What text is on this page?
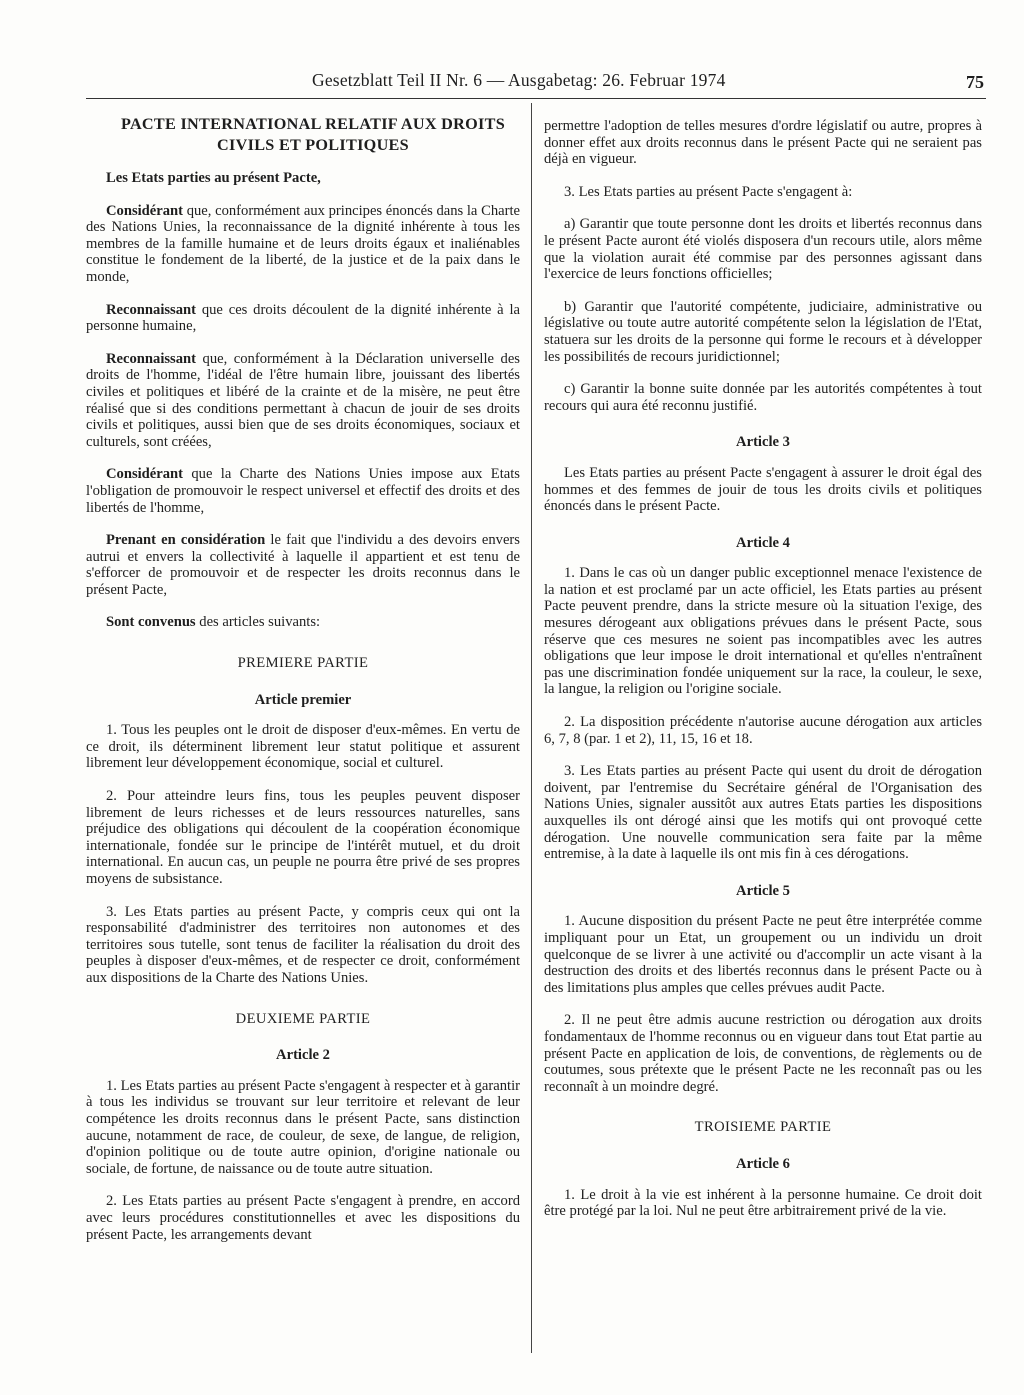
Gesetzblatt Teil II Nr. 6 — Ausgabetag: 26. Februar 1974	75
PACTE INTERNATIONAL RELATIF AUX DROITS
CIVILS ET POLITIQUES

Les Etats parties au présent Pacte,

Considérant que, conformément aux principes énoncés dans la Charte des Nations Unies, la reconnaissance de la dignité inhérente à tous les membres de la famille humaine et de leurs droits égaux et inaliénables constitue le fondement de la liberté, de la justice et de la paix dans le monde,

Reconnaissant que ces droits découlent de la dignité inhérente à la personne humaine,

Reconnaissant que, conformément à la Déclaration universelle des droits de l'homme, l'idéal de l'être humain libre, jouissant des libertés civiles et politiques et libéré de la crainte et de la misère, ne peut être réalisé que si des conditions permettant à chacun de jouir de ses droits civils et politiques, aussi bien que de ses droits économiques, sociaux et culturels, sont créées,

Considérant que la Charte des Nations Unies impose aux Etats l'obligation de promouvoir le respect universel et effectif des droits et des libertés de l'homme,

Prenant en considération le fait que l'individu a des devoirs envers autrui et envers la collectivité à laquelle il appartient et est tenu de s'efforcer de promouvoir et de respecter les droits reconnus dans le présent Pacte,

Sont convenus des articles suivants:

PREMIERE PARTIE
Article premier

1. Tous les peuples ont le droit de disposer d'eux-mêmes. En vertu de ce droit, ils déterminent librement leur statut politique et assurent librement leur développement économique, social et culturel.

2. Pour atteindre leurs fins, tous les peuples peuvent disposer librement de leurs richesses et de leurs ressources naturelles, sans préjudice des obligations qui découlent de la coopération économique internationale, fondée sur le principe de l'intérêt mutuel, et du droit international. En aucun cas, un peuple ne pourra être privé de ses propres moyens de subsistance.

3. Les Etats parties au présent Pacte, y compris ceux qui ont la responsabilité d'administrer des territoires non autonomes et des territoires sous tutelle, sont tenus de faciliter la réalisation du droit des peuples à disposer d'eux-mêmes, et de respecter ce droit, conformément aux dispositions de la Charte des Nations Unies.

DEUXIEME PARTIE
Article 2

1. Les Etats parties au présent Pacte s'engagent à respecter et à garantir à tous les individus se trouvant sur leur territoire et relevant de leur compétence les droits reconnus dans le présent Pacte, sans distinction aucune, notamment de race, de couleur, de sexe, de langue, de religion, d'opinion politique ou de toute autre opinion, d'origine nationale ou sociale, de fortune, de naissance ou de toute autre situation.

2. Les Etats parties au présent Pacte s'engagent à prendre, en accord avec leurs procédures constitutionnelles et avec les dispositions du présent Pacte, les arrangements devant

permettre l'adoption de telles mesures d'ordre législatif ou autre, propres à donner effet aux droits reconnus dans le présent Pacte qui ne seraient pas déjà en vigueur.

3. Les Etats parties au présent Pacte s'engagent à:

a) Garantir que toute personne dont les droits et libertés reconnus dans le présent Pacte auront été violés disposera d'un recours utile, alors même que la violation aurait été commise par des personnes agissant dans l'exercice de leurs fonctions officielles;

b) Garantir que l'autorité compétente, judiciaire, administrative ou législative ou toute autre autorité compétente selon la législation de l'Etat, statuera sur les droits de la personne qui forme le recours et à développer les possibilités de recours juridictionnel;

c) Garantir la bonne suite donnée par les autorités compétentes à tout recours qui aura été reconnu justifié.

Article 3

Les Etats parties au présent Pacte s'engagent à assurer le droit égal des hommes et des femmes de jouir de tous les droits civils et politiques énoncés dans le présent Pacte.

Article 4

1. Dans le cas où un danger public exceptionnel menace l'existence de la nation et est proclamé par un acte officiel, les Etats parties au présent Pacte peuvent prendre, dans la stricte mesure où la situation l'exige, des mesures dérogeant aux obligations prévues dans le présent Pacte, sous réserve que ces mesures ne soient pas incompatibles avec les autres obligations que leur impose le droit international et qu'elles n'entraînent pas une discrimination fondée uniquement sur la race, la couleur, le sexe, la langue, la religion ou l'origine sociale.

2. La disposition précédente n'autorise aucune dérogation aux articles 6, 7, 8 (par. 1 et 2), 11, 15, 16 et 18.

3. Les Etats parties au présent Pacte qui usent du droit de dérogation doivent, par l'entremise du Secrétaire général de l'Organisation des Nations Unies, signaler aussitôt aux autres Etats parties les dispositions auxquelles ils ont dérogé ainsi que les motifs qui ont provoqué cette dérogation. Une nouvelle communication sera faite par la même entremise, à la date à laquelle ils ont mis fin à ces dérogations.

Article 5

1. Aucune disposition du présent Pacte ne peut être interprétée comme impliquant pour un Etat, un groupement ou un individu un droit quelconque de se livrer à une activité ou d'accomplir un acte visant à la destruction des droits et des libertés reconnus dans le présent Pacte ou à des limitations plus amples que celles prévues audit Pacte.

2. Il ne peut être admis aucune restriction ou dérogation aux droits fondamentaux de l'homme reconnus ou en vigueur dans tout Etat partie au présent Pacte en application de lois, de conventions, de règlements ou de coutumes, sous prétexte que le présent Pacte ne les reconnaît pas ou les reconnaît à un moindre degré.

TROISIEME PARTIE
Article 6

1. Le droit à la vie est inhérent à la personne humaine. Ce droit doit être protégé par la loi. Nul ne peut être arbitrairement privé de la vie.
